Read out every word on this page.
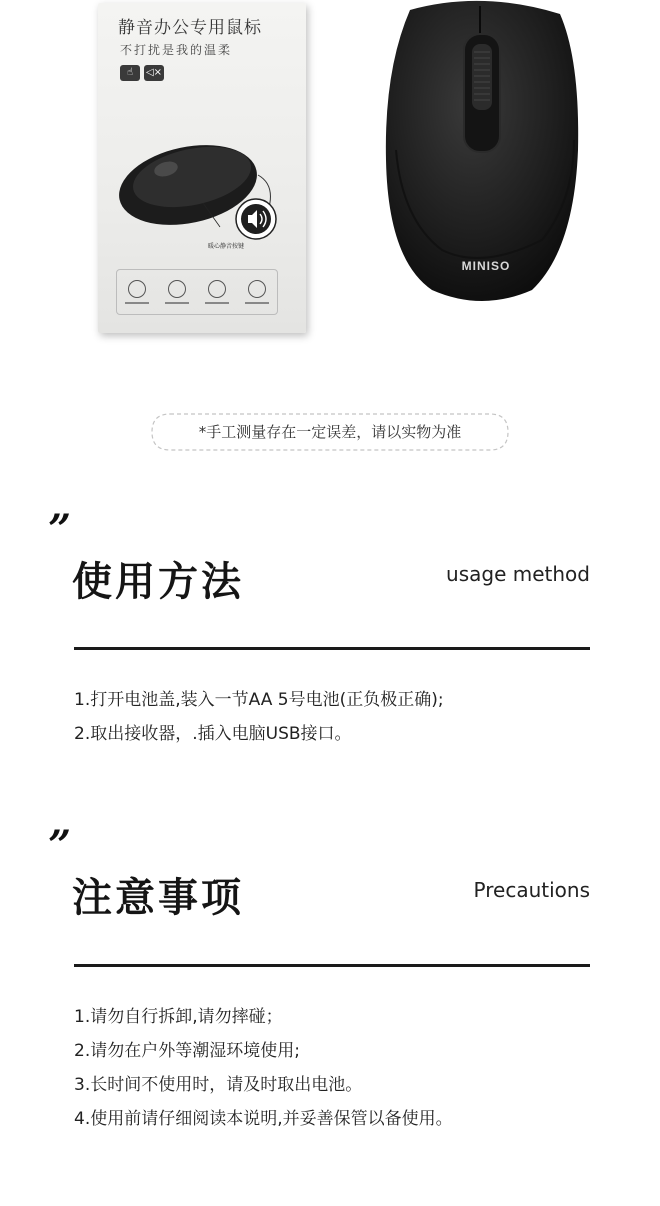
静音办公专用鼠标
不打扰是我的温柔
☝	◁×
暖心静音按键
MINISO
*手工测量存在一定误差，请以实物为准
”
使用方法	usage method
1.打开电池盖,装入一节AA 5号电池(正负极正确);
2.取出接收器，.插入电脑USB接口。
”
注意事项	Precautions
1.请勿自行拆卸,请勿摔碰；
2.请勿在户外等潮湿环境使用;
3.长时间不使用时，请及时取出电池。
4.使用前请仔细阅读本说明,并妥善保管以备使用。
